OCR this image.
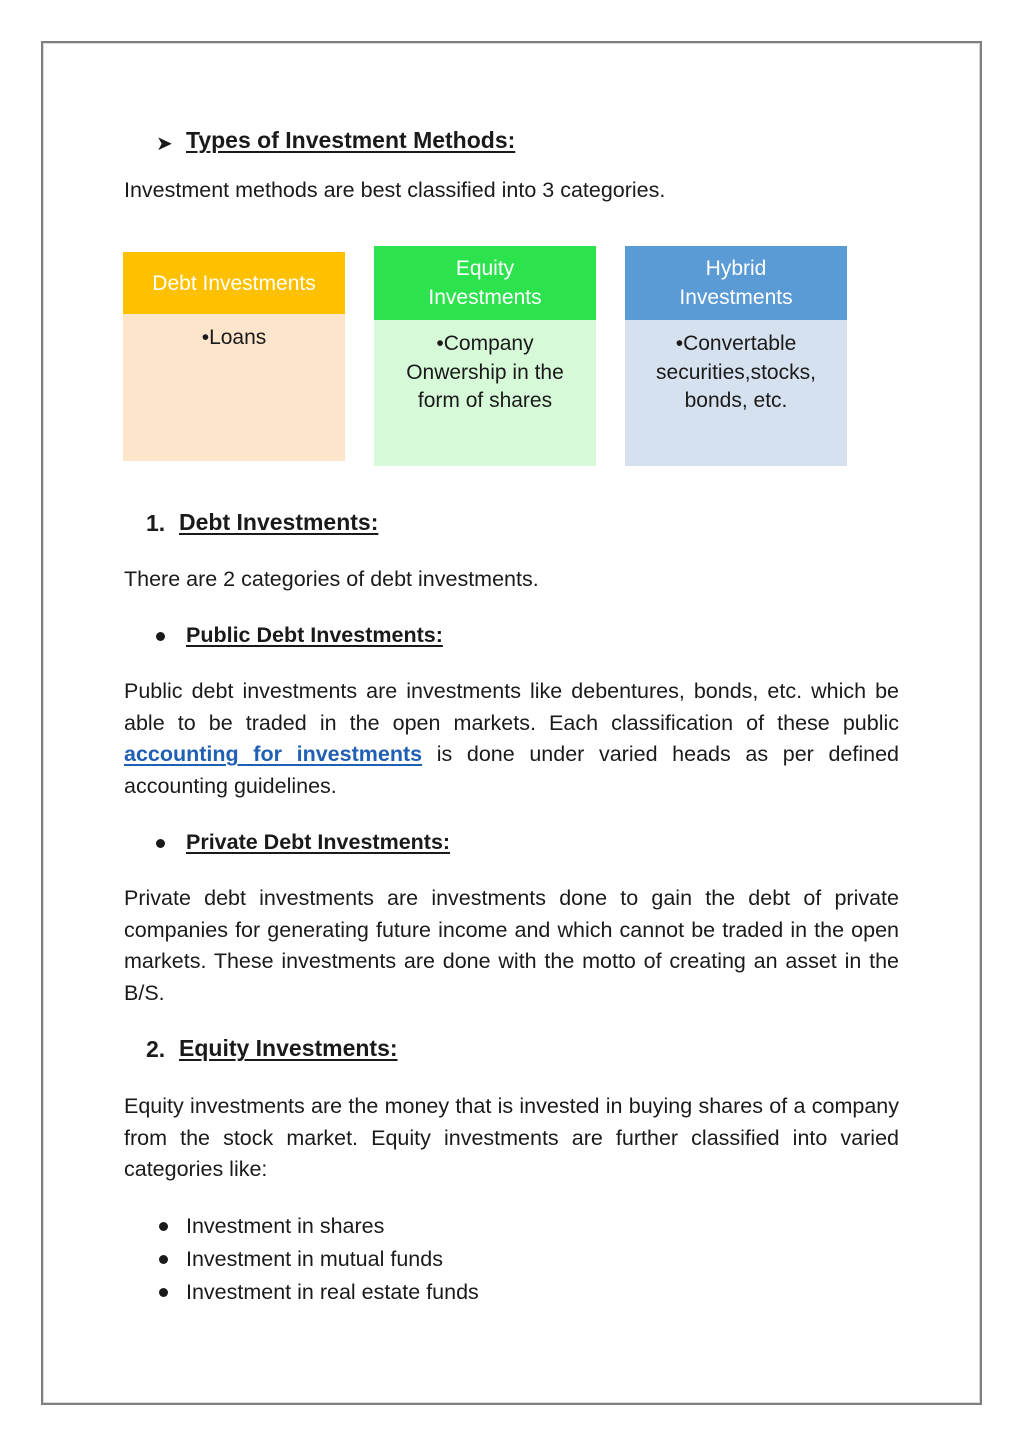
➤ Types of Investment Methods:
Investment methods are best classified into 3 categories.
Debt Investments
•Loans
Equity Investments
•Company Onwership in the form of shares
Hybrid Investments
•Convertable securities,stocks, bonds, etc.
1. Debt Investments:
There are 2 categories of debt investments.
Public Debt Investments:
Public debt investments are investments like debentures, bonds, etc. which be able to be traded in the open markets. Each classification of these public accounting for investments is done under varied heads as per defined accounting guidelines.
Private Debt Investments:
Private debt investments are investments done to gain the debt of private companies for generating future income and which cannot be traded in the open markets. These investments are done with the motto of creating an asset in the B/S.
2. Equity Investments:
Equity investments are the money that is invested in buying shares of a company from the stock market. Equity investments are further classified into varied categories like:
Investment in shares
Investment in mutual funds
Investment in real estate funds
